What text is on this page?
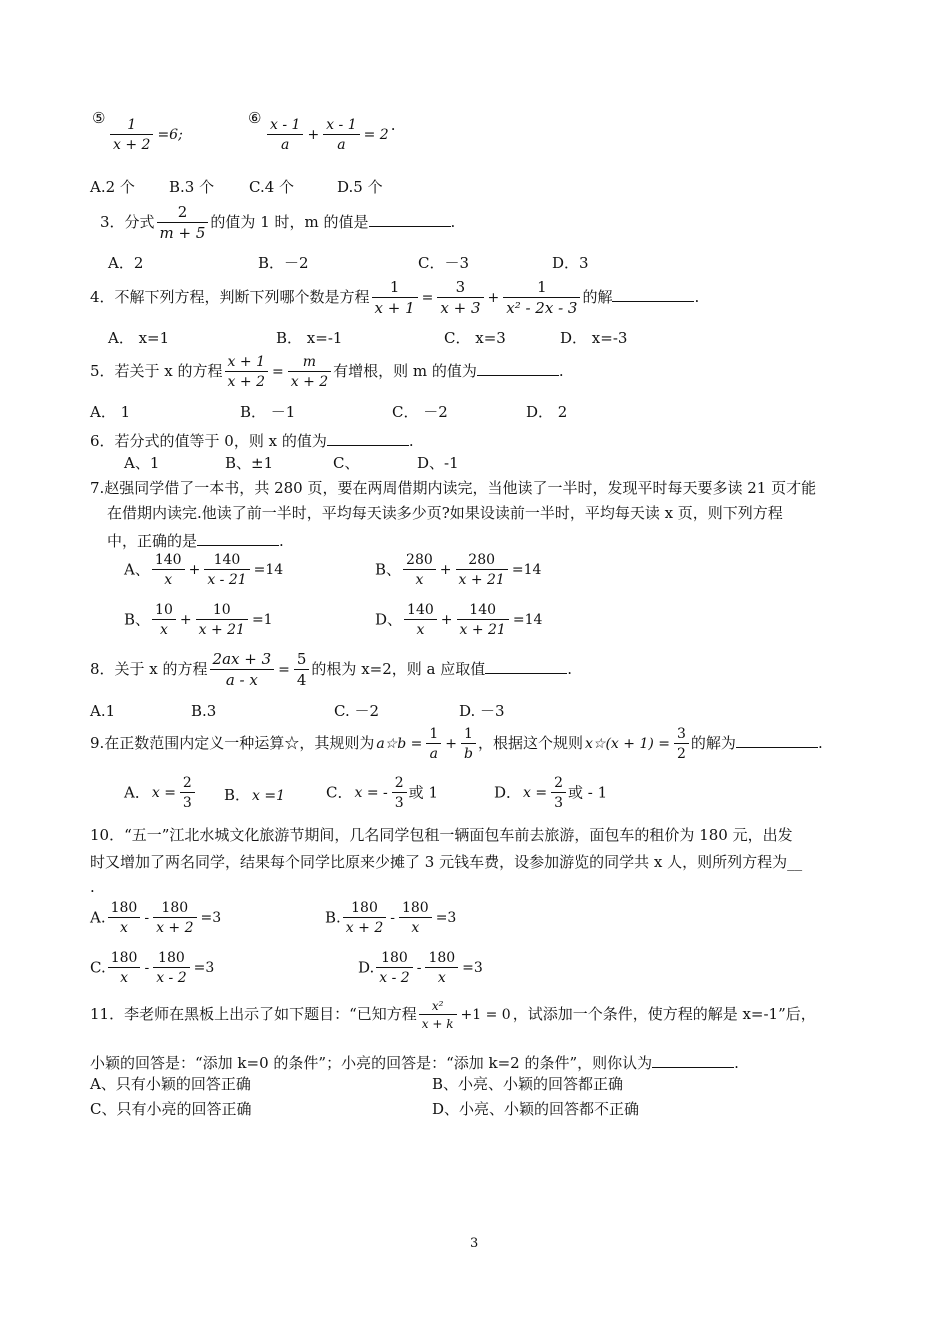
⑤ $\frac{1}{x + 2} =6$;
⑥ $\frac{x - 1}{a} + \frac{x - 1}{a} = 2$.
A.2 个 B.3 个 C.4 个	D.5 个
3．分式 $\frac{2}{m + 5}$ 的值为 1 时，m 的值是	.
A．2	B．－2	C．－3	D．3
4．不解下列方程，判断下列哪个数是方程 $\frac{1}{x + 1} = \frac{3}{x + 3} + \frac{1}{\text{x² - 2x - 3}}$ 的解	.
A． x=1	B． x=-1	C． x=3	D． x=-3
5．若关于 x 的方程 $\frac{x + 1}{x + 2} = \frac{m}{x + 2}$ 有增根，则 m 的值为	.
A． 1	B． －1	C． －2	D． 2
6．若分式的值等于 0，则 x 的值为	.
A、1	B、±1	C、	D、-1
7.赵强同学借了一本书，共 280 页，要在两周借期内读完，当他读了一半时，发现平时每天要多读 21 页才能
在借期内读完.他读了前一半时，平均每天读多少页?如果设读前一半时，平均每天读 x 页，则下列方程
中，正确的是	.
A、 $\frac{140}{x} + \frac{140}{x - 21} =14$	B、 $\frac{280}{x} + \frac{280}{x + 21} =14$
B、 $\frac{10}{x} + \frac{10}{x + 21} =1$	D、 $\frac{140}{x} + \frac{140}{x + 21} =14$
8．关于 x 的方程 $\frac{2ax + 3}{a - x} = \frac{5}{4}$ 的根为 x=2，则 a 应取值	.
A.1	B.3	C. －2	D. －3
9.在正数范围内定义一种运算☆，其规则为 a☆b = $\frac{1}{a} + \frac{1}{b}$ ，根据这个规则 x☆(x + $1) = \frac{3}{2}$ 的解为	.
A． $x = \frac{2}{3}$ B． x =1	C． x = - $\frac{2}{3}$ 或 1	D． $x = \frac{2}{3}$ 或 - 1
10．“五一”江北水城文化旅游节期间，几名同学包租一辆面包车前去旅游，面包车的租价为 180 元，出发
时又增加了两名同学，结果每个同学比原来少摊了 3 元钱车费，设参加游览的同学共 x 人，则所列方程为__
.
A. $\frac{180}{x} - \frac{180}{x + 2} =3$	B. $\frac{180}{x + 2} - \frac{180}{x} =3$
C. $\frac{180}{x} - \frac{180}{x - 2} =3$	D. $\frac{180}{x - 2} - \frac{180}{x} =3$
11．李老师在黑板上出示了如下题目：“已知方程 $\frac{\text{x²}}{x + k} +1 = 0$ ，试添加一个条件，使方程的解是 x=-1”后，
小颖的回答是：“添加 k=0 的条件”；小亮的回答是：“添加 k=2 的条件”，则你认为	.
A、只有小颖的回答正确	B、小亮、小颖的回答都正确
C、只有小亮的回答正确	D、小亮、小颖的回答都不正确
3
